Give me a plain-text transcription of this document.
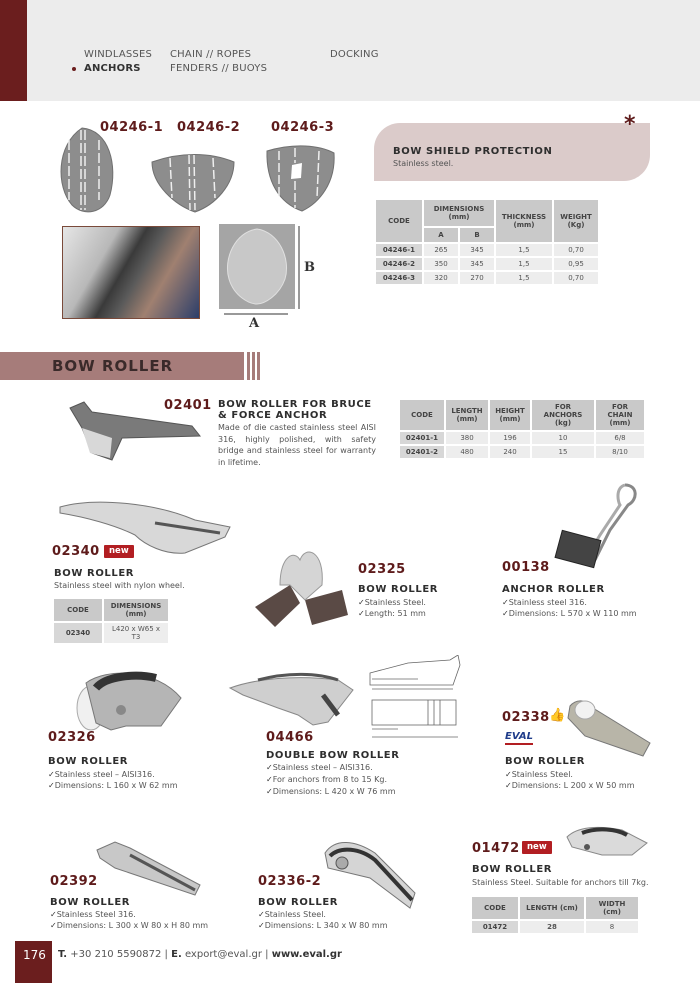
WINDLASSES
ANCHORS
CHAIN // ROPES
FENDERS // BUOYS
DOCKING
04246-1 04246-2 04246-3
B
A
*
BOW SHIELD PROTECTION
Stainless steel.
CODE	DIMENSIONS (mm)		THICKNESS (mm)	WEIGHT (Kg)
	A	B		
04246-1	265	345	1,5	0,70
04246-2	350	345	1,5	0,95
04246-3	320	270	1,5	0,70
BOW ROLLER
02401 BOW ROLLER FOR BRUCE
& FORCE ANCHOR
Made of die casted stainless steel AISI 316, highly polished, with safety bridge and stainless steel for warranty in lifetime.
CODE	LENGTH (mm)	HEIGHT (mm)	FOR ANCHORS (kg)	FOR CHAIN (mm)
02401-1	380	196	10	6/8
02401-2	480	240	15	8/10
02340	new
BOW ROLLER
Stainless steel with nylon wheel.
CODE	DIMENSIONS (mm)
02340	L420 x W65 x T3
02325
BOW ROLLER
✓ Stainless Steel.
✓ Length: 51 mm
00138
ANCHOR ROLLER
✓ Stainless steel 316.
✓ Dimensions: L 570 x W 110 mm
02326
BOW ROLLER
✓ Stainless steel – AISI316.
✓ Dimensions: L 160 x W 62 mm
04466
DOUBLE BOW ROLLER
✓ Stainless steel – AISI316.
✓ For anchors from 8 to 15 Kg.
✓ Dimensions: L 420 x W 76 mm
02338 👍
EVAL
BOW ROLLER
✓ Stainless Steel.
✓ Dimensions: L 200 x W 50 mm
02392
BOW ROLLER
✓ Stainless Steel 316.
✓ Dimensions: L 300 x W 80 x H 80 mm
02336-2
BOW ROLLER
✓ Stainless Steel.
✓ Dimensions: L 340 x W 80 mm
01472 new
BOW ROLLER
Stainless Steel. Suitable for anchors till 7kg.
CODE	LENGTH (cm)	WIDTH (cm)
01472	28	8
176	T. +30 210 5590872 | E. export@eval.gr | www.eval.gr
